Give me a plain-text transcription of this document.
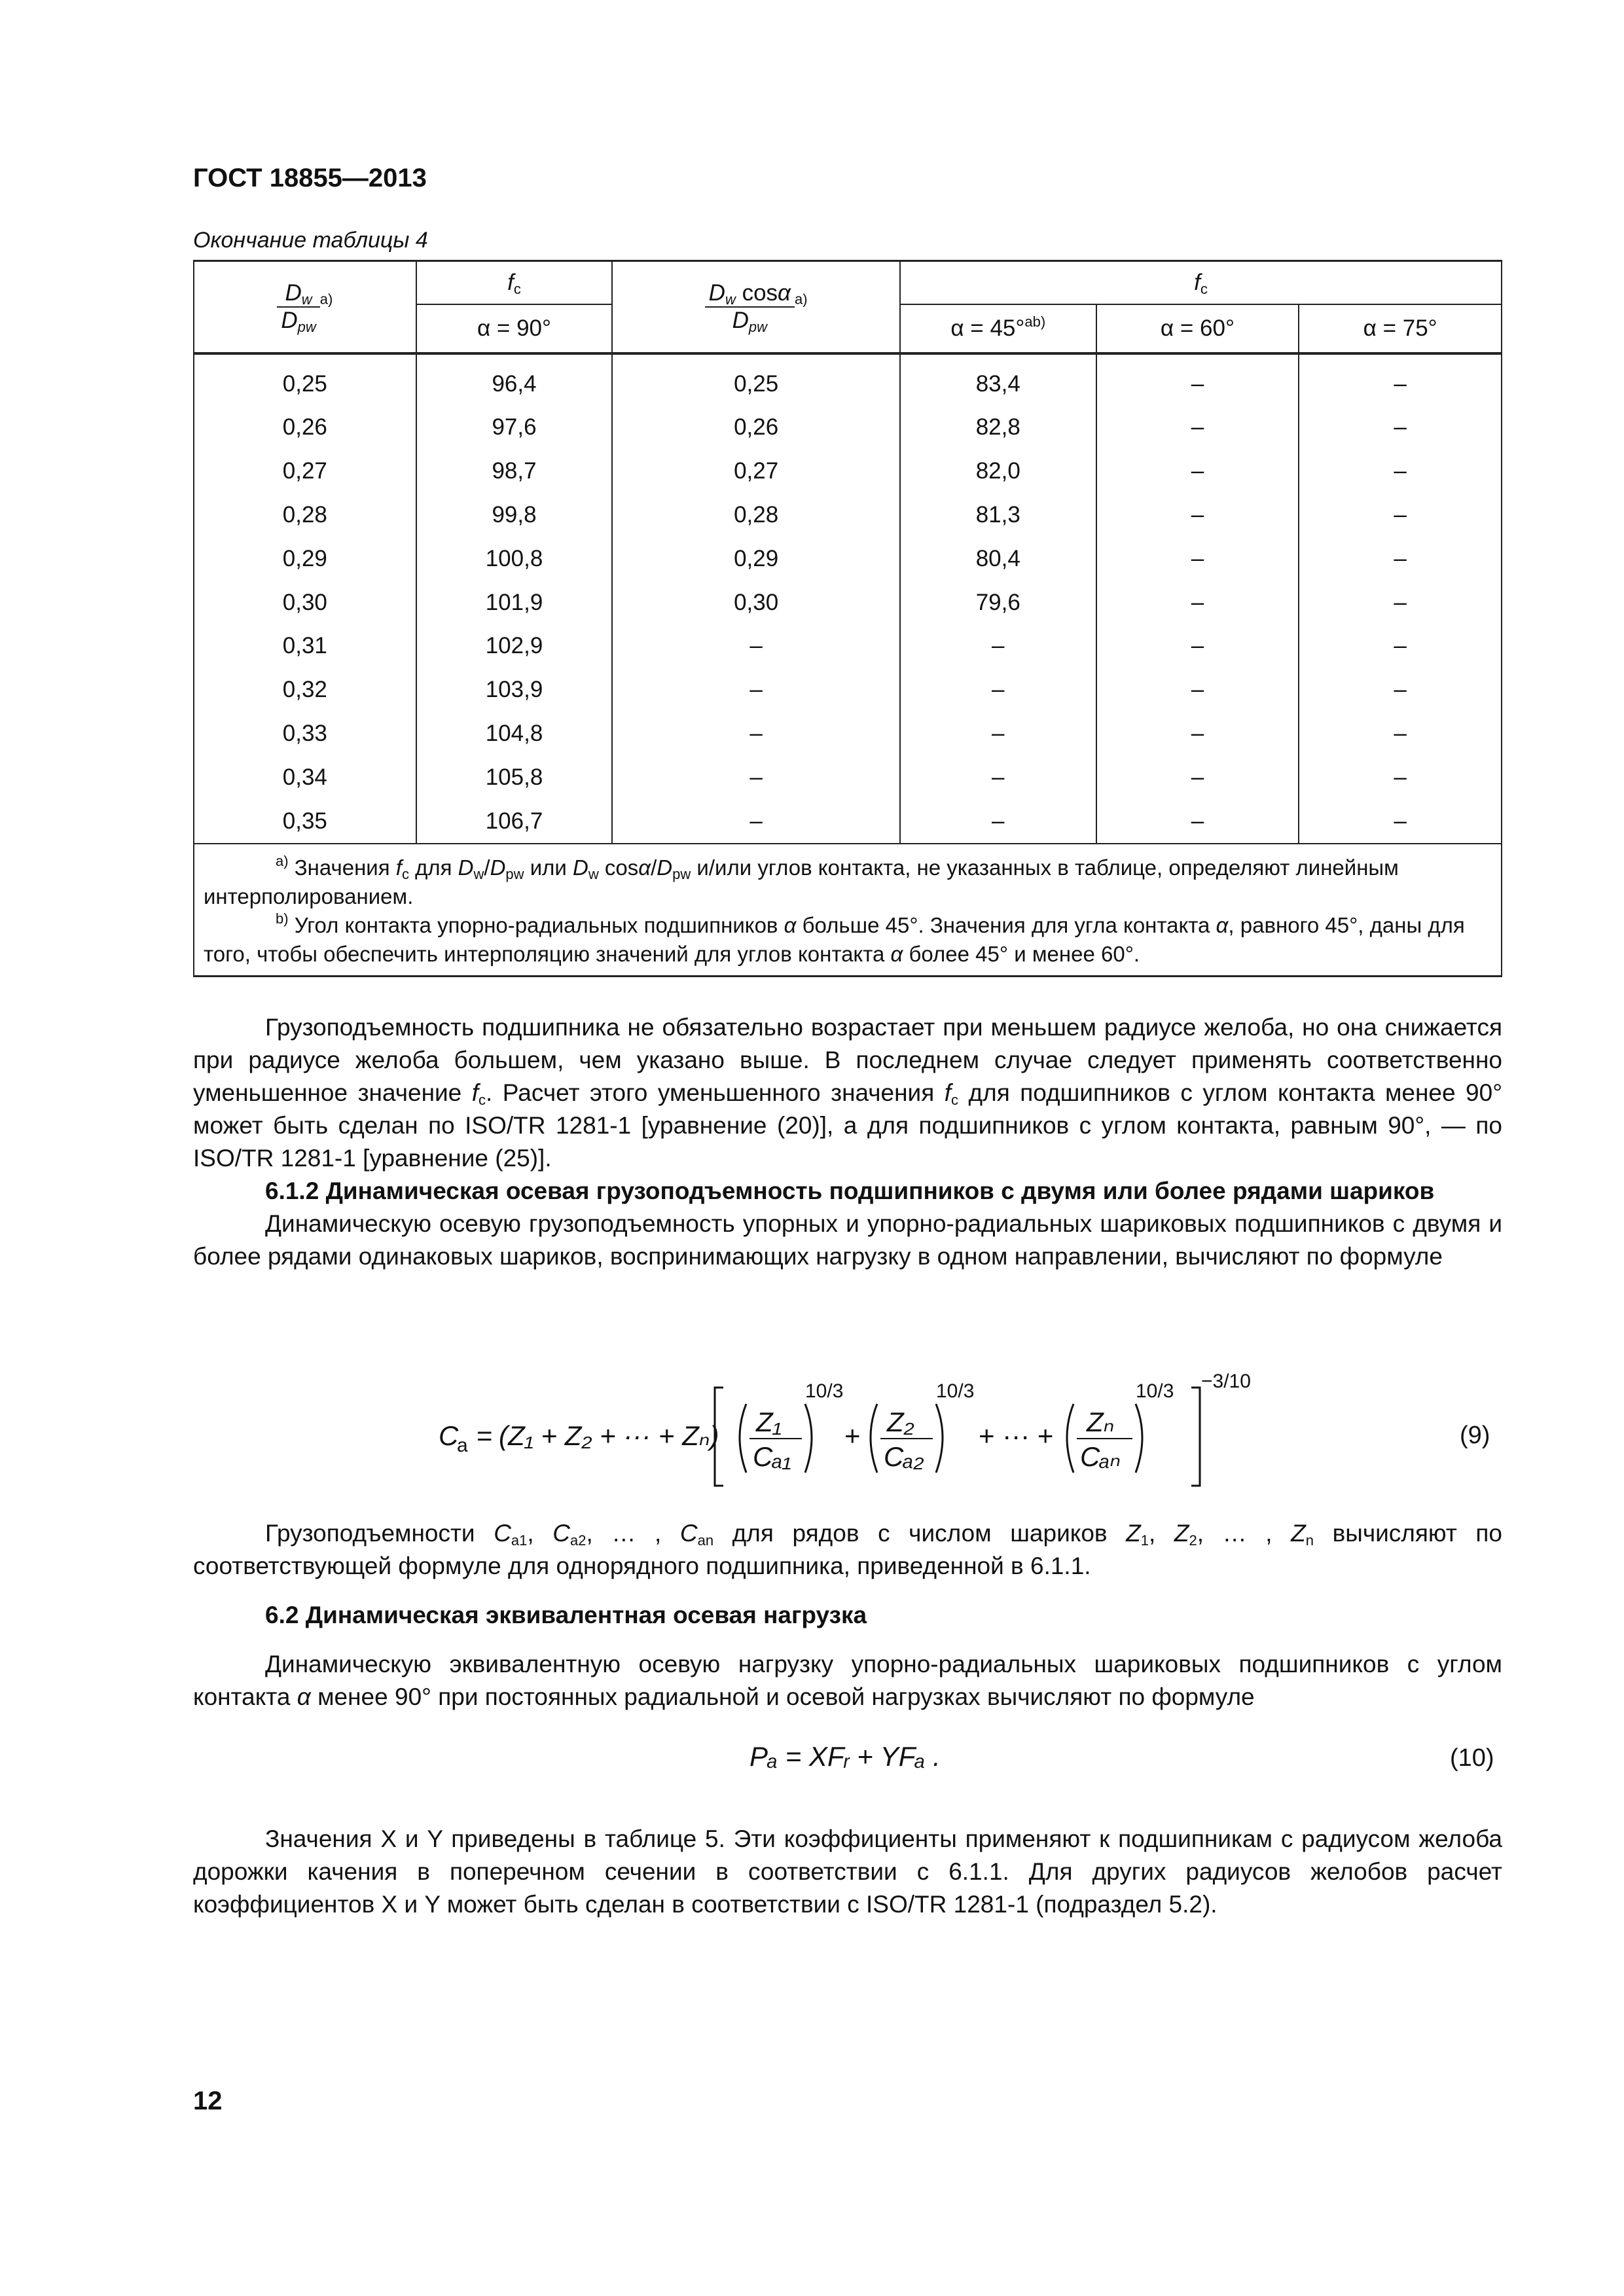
ГОСТ 18855—2013
Окончание таблицы 4
$\frac{D_w}{D_{pw}} ^{a)}$	$f_c$	$\frac{D_w \cos\alpha}{D_{pw}} ^{a)}$	$f_c$
	α = 90°		α = 45°$^{ab)}$	α = 60°	α = 75°
0,25	96,4	0,25	83,4	–	–
0,26	97,6	0,26	82,8	–	–
0,27	98,7	0,27	82,0	–	–
0,28	99,8	0,28	81,3	–	–
0,29	100,8	0,29	80,4	–	–
0,30	101,9	0,30	79,6	–	–
0,31	102,9	–	–	–	–
0,32	103,9	–	–	–	–
0,33	104,8	–	–	–	–
0,34	105,8	–	–	–	–
0,35	106,7	–	–	–	–

$^{a)}$ Значения $f_c$ для $D_w/D_{pw}$ или $D_w$ cosα/$D_{pw}$ и/или углов контакта, не указанных в таблице, определяют линейным интерполированием.
$^{b)}$ Угол контакта упорно-радиальных подшипников α больше 45°. Значения для угла контакта α, равного 45°, даны для того, чтобы обеспечить интерполяцию значений для углов контакта α более 45° и менее 60°.					

Грузоподъемность подшипника не обязательно возрастает при меньшем радиусе желоба, но она снижается при радиусе желоба большем, чем указано выше. В последнем случае следует применять соответственно уменьшенное значение $f_c$. Расчет этого уменьшенного значения $f_c$ для подшипников с углом контакта менее 90° может быть сделан по ISO/TR 1281-1 [уравнение (20)], а для подшипников с углом контакта, равным 90°, — по ISO/TR 1281-1 [уравнение (25)].

6.1.2 Динамическая осевая грузоподъемность подшипников с двумя или более рядами шариков

Динамическую осевую грузоподъемность упорных и упорно-радиальных шариковых подшипников с двумя и более рядами одинаковых шариков, воспринимающих нагрузку в одном направлении, вычисляют по формуле

C
a = (Z₁ + Z₂ + ··· + Zₙ) Z₁
Cₐ₁
10/3
+ Z₂
Cₐ₂
10/3
+ ··· + Zₙ
Cₐₙ
10/3 −3/10
(9)

Грузоподъемности $C_{a1}$, $C_{a2}$, … , $C_{an}$ для рядов с числом шариков $Z_1$, $Z_2$, … , $Z_n$ вычисляют по соответствующей формуле для однорядного подшипника, приведенной в 6.1.1.

6.2 Динамическая эквивалентная осевая нагрузка

Динамическую эквивалентную осевую нагрузку упорно-радиальных шариковых подшипников с углом контакта α менее 90° при постоянных радиальной и осевой нагрузках вычисляют по формуле

Pₐ = XFᵣ + YFₐ .	(10)

Значения X и Y приведены в таблице 5. Эти коэффициенты применяют к подшипникам с радиусом желоба дорожки качения в поперечном сечении в соответствии с 6.1.1. Для других радиусов желобов расчет коэффициентов X и Y может быть сделан в соответствии с ISO/TR 1281-1 (подраздел 5.2).

12
